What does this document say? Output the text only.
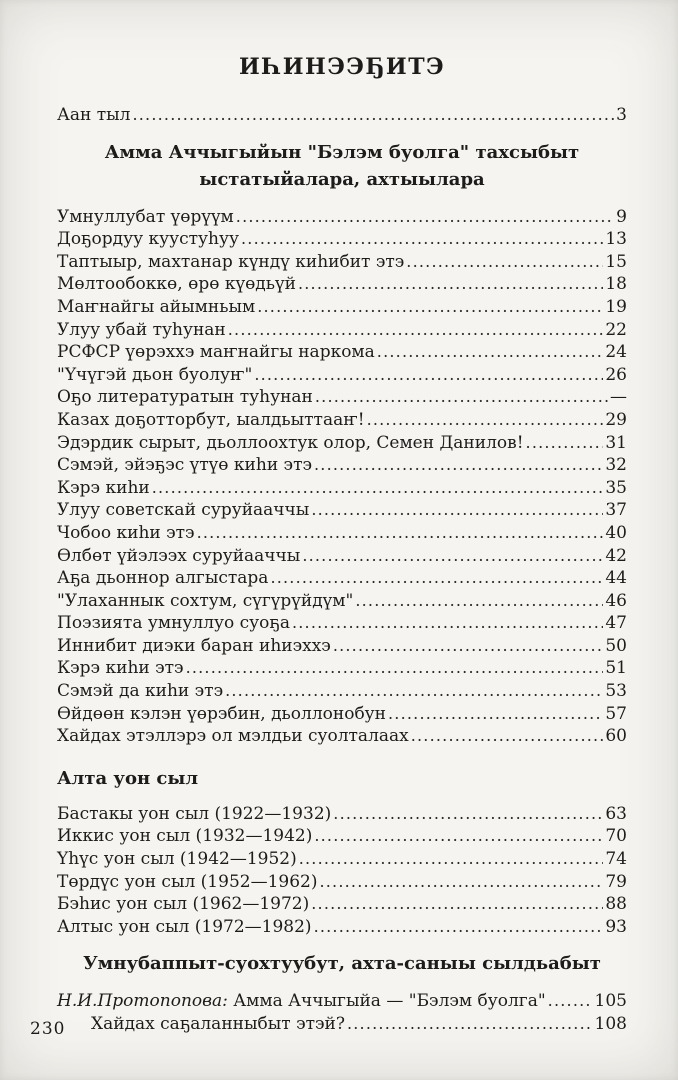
ИҺИНЭЭҔИТЭ
Аан тыл .....	3
Амма Аччыгыйын "Бэлэм буолга" тахсыбыт
ыстатыйалара, ахтыылара
Умнуллубат үөрүүм .....	9
Доҕордуу куустуһуу .....	13
Таптыыр, махтанар күндү киһибит этэ .....	15
Мөлтообоккө, өрө күөдьүй .....	18
Маҥнайгы айымньым .....	19
Улуу убай туһунан .....	22
РСФСР үөрэххэ маҥнайгы наркома .....	24
"Үчүгэй дьон буолуҥ" .....	26
Оҕо литературатын туһунан .....	—
Казах доҕотторбут, ыалдьыттааҥ! .....	29
Эдэрдик сырыт, дьоллоохтук олор, Семен Данилов! .....	31
Сэмэй, эйэҕэс үтүө киһи этэ .....	32
Кэрэ киһи .....	35
Улуу советскай суруйааччы .....	37
Чобоо киһи этэ .....	40
Өлбөт үйэлээх суруйааччы .....	42
Аҕа дьоннор алгыстара .....	44
"Улаханнык сохтум, сүгүрүйдүм" .....	46
Поэзията умнуллуо суоҕа .....	47
Иннибит диэки баран иһиэххэ .....	50
Кэрэ киһи этэ .....	51
Сэмэй да киһи этэ .....	53
Өйдөөн кэлэн үөрэбин, дьоллонобун .....	57
Хайдах этэллэрэ ол мэлдьи суолталаах .....	60
Алта уон сыл
Бастакы уон сыл (1922—1932) .....	63
Иккис уон сыл (1932—1942) .....	70
Үһүс уон сыл (1942—1952) .....	74
Төрдүс уон сыл (1952—1962) .....	79
Бэһис уон сыл (1962—1972) .....	88
Алтыс уон сыл (1972—1982) .....	93
Умнубаппыт-суохтуубут, ахта-саныы сылдьабыт
Н.И.Протопопова: Амма Аччыгыйа — "Бэлэм буолга" .....	105
Хайдах саҕаланныбыт этэй? .....	108
230
